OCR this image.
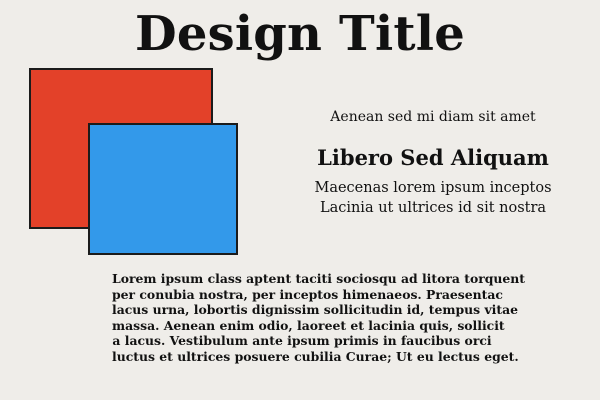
Design Title
Aenean sed mi diam sit amet
Libero Sed Aliquam
Maecenas lorem ipsum inceptos
Lacinia ut ultrices id sit nostra
Lorem ipsum class aptent taciti sociosqu ad litora torquent
per conubia nostra, per inceptos himenaeos. Praesentac
lacus urna, lobortis dignissim sollicitudin id, tempus vitae
massa. Aenean enim odio, laoreet et lacinia quis, sollicit
a lacus. Vestibulum ante ipsum primis in faucibus orci
luctus et ultrices posuere cubilia Curae; Ut eu lectus eget.
